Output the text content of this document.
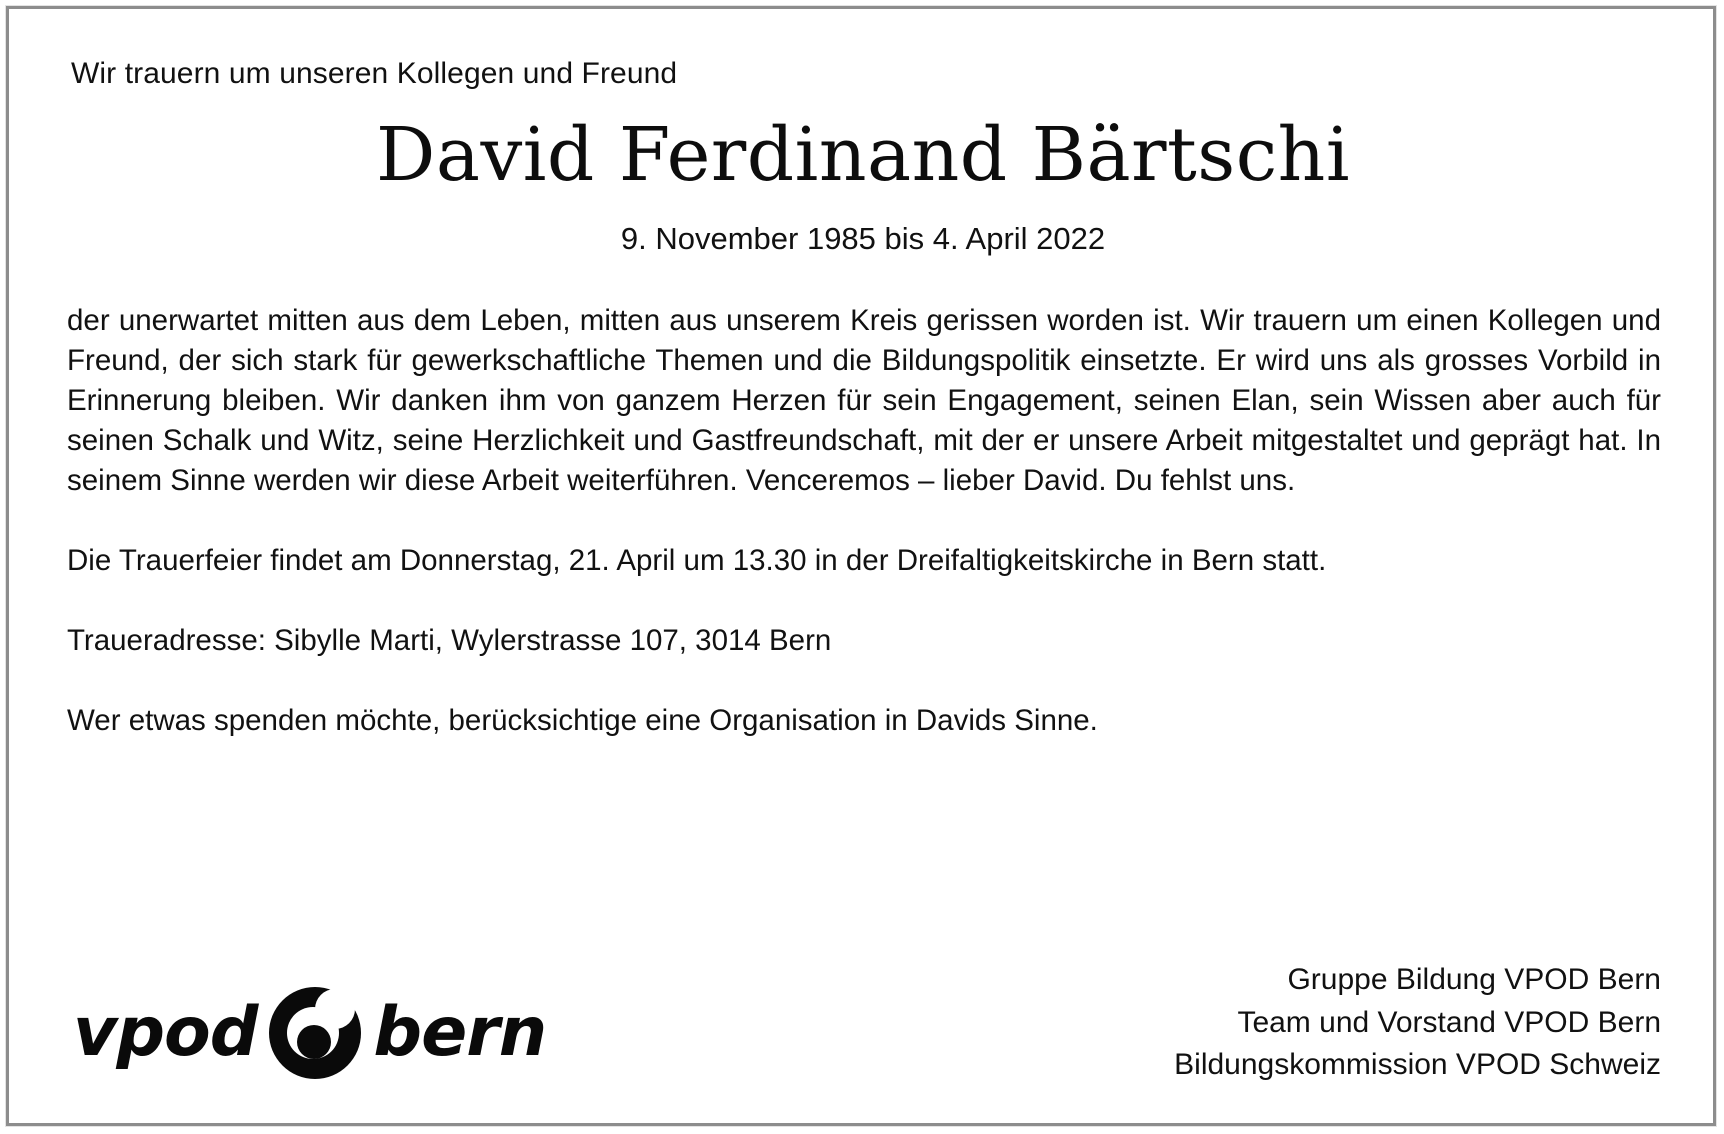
Wir trauern um unseren Kollegen und Freund
David Ferdinand Bärtschi
9. November 1985 bis 4. April 2022

der unerwartet mitten aus dem Leben, mitten aus unserem Kreis gerissen worden ist. Wir trauern um einen Kollegen und Freund, der sich stark für gewerkschaftliche Themen und die Bildungspolitik einsetzte. Er wird uns als grosses Vorbild in Erinnerung bleiben. Wir danken ihm von ganzem Herzen für sein Engagement, seinen Elan, sein Wissen aber auch für seinen Schalk und Witz, seine Herzlichkeit und Gastfreundschaft, mit der er unsere Arbeit mitgestaltet und geprägt hat. In seinem Sinne werden wir diese Arbeit weiterführen. Venceremos – lieber David. Du fehlst uns.

Die Trauerfeier findet am Donnerstag, 21. April um 13.30 in der Dreifaltigkeitskirche in Bern statt.

Traueradresse: Sibylle Marti, Wylerstrasse 107, 3014 Bern

Wer etwas spenden möchte, berücksichtige eine Organisation in Davids Sinne.

vpod bern
Gruppe Bildung VPOD Bern
Team und Vorstand VPOD Bern
Bildungskommission VPOD Schweiz
